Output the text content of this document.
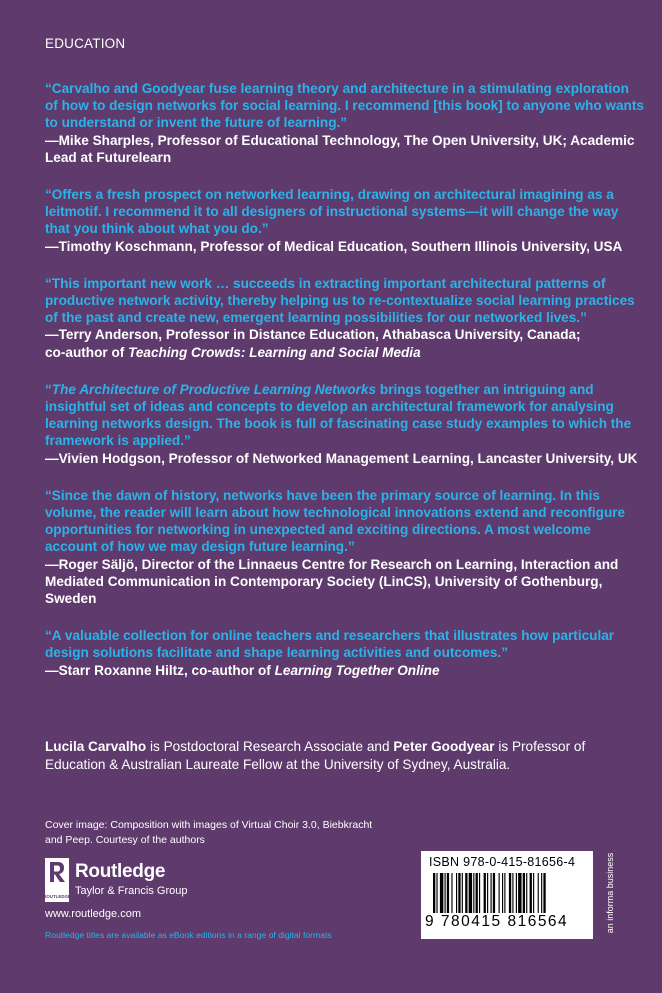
EDUCATION

“Carvalho and Goodyear fuse learning theory and architecture in a stimulating exploration of how to design networks for social learning. I recommend [this book] to anyone who wants to understand or invent the future of learning.”

—Mike Sharples, Professor of Educational Technology, The Open University, UK; Academic Lead at Futurelearn

“Offers a fresh prospect on networked learning, drawing on architectural imagining as a leitmotif. I recommend it to all designers of instructional systems—it will change the way that you think about what you do.”

—Timothy Koschmann, Professor of Medical Education, Southern Illinois University, USA

“This important new work … succeeds in extracting important architectural patterns of productive network activity, thereby helping us to re-contextualize social learning practices of the past and create new, emergent learning possibilities for our networked lives.”

—Terry Anderson, Professor in Distance Education, Athabasca University, Canada;

co-author of Teaching Crowds: Learning and Social Media

“The Architecture of Productive Learning Networks brings together an intriguing and insightful set of ideas and concepts to develop an architectural framework for analysing learning networks design. The book is full of fascinating case study examples to which the framework is applied.”

—Vivien Hodgson, Professor of Networked Management Learning, Lancaster University, UK

“Since the dawn of history, networks have been the primary source of learning. In this volume, the reader will learn about how technological innovations extend and reconfigure opportunities for networking in unexpected and exciting directions. A most welcome account of how we may design future learning.”

—Roger Säljö, Director of the Linnaeus Centre for Research on Learning, Interaction and Mediated Communication in Contemporary Society (LinCS), University of Gothenburg, Sweden

“A valuable collection for online teachers and researchers that illustrates how particular design solutions facilitate and shape learning activities and outcomes.”

—Starr Roxanne Hiltz, co-author of Learning Together Online

Lucila Carvalho is Postdoctoral Research Associate and Peter Goodyear is Professor of Education & Australian Laureate Fellow at the University of Sydney, Australia.
Cover image: Composition with images of Virtual Choir 3.0, Biebkracht and Peep. Courtesy of the authors
ROUTLEDGE
Routledge
Taylor & Francis Group
www.routledge.com
Routledge titles are available as eBook editions in a range of digital formats
ISBN 978-0-415-81656-4
9 780415 816564	an informa business
